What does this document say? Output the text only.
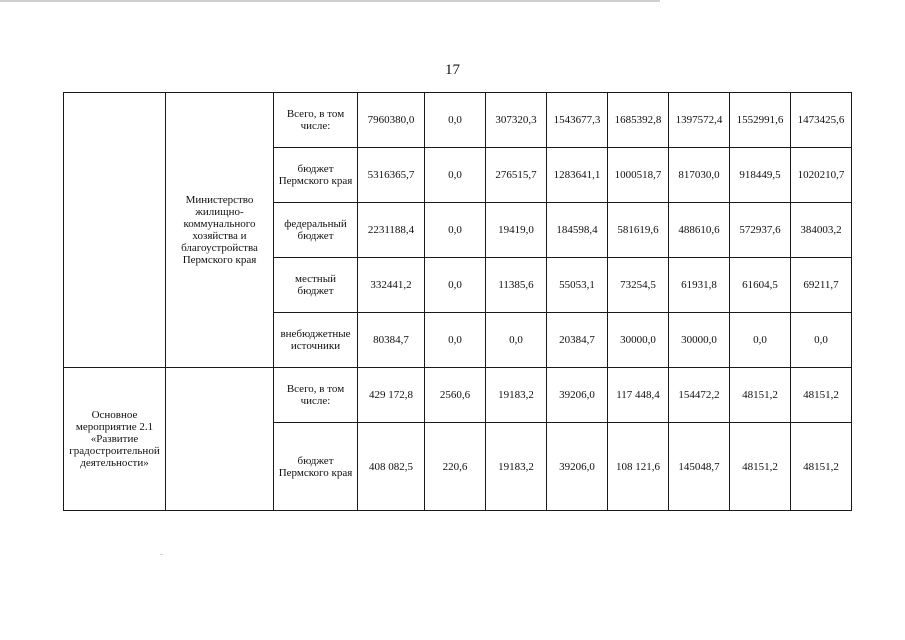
17
	Министерство жилищно-коммунального хозяйства и благоустройства Пермского края	Всего, в том числе:	7960380,0	0,0	307320,3	1543677,3	1685392,8	1397572,4	1552991,6	1473425,6
		бюджет Пермского края	5316365,7	0,0	276515,7	1283641,1	1000518,7	817030,0	918449,5	1020210,7
		федеральный бюджет	2231188,4	0,0	19419,0	184598,4	581619,6	488610,6	572937,6	384003,2
		местный бюджет	332441,2	0,0	11385,6	55053,1	73254,5	61931,8	61604,5	69211,7
		внебюджетные источники	80384,7	0,0	0,0	20384,7	30000,0	30000,0	0,0	0,0
Основное мероприятие 2.1 «Развитие градостроительной деятельности»		Всего, в том числе:	429 172,8	2560,6	19183,2	39206,0	117 448,4	154472,2	48151,2	48151,2
		бюджет Пермского края	408 082,5	220,6	19183,2	39206,0	108 121,6	145048,7	48151,2	48151,2
